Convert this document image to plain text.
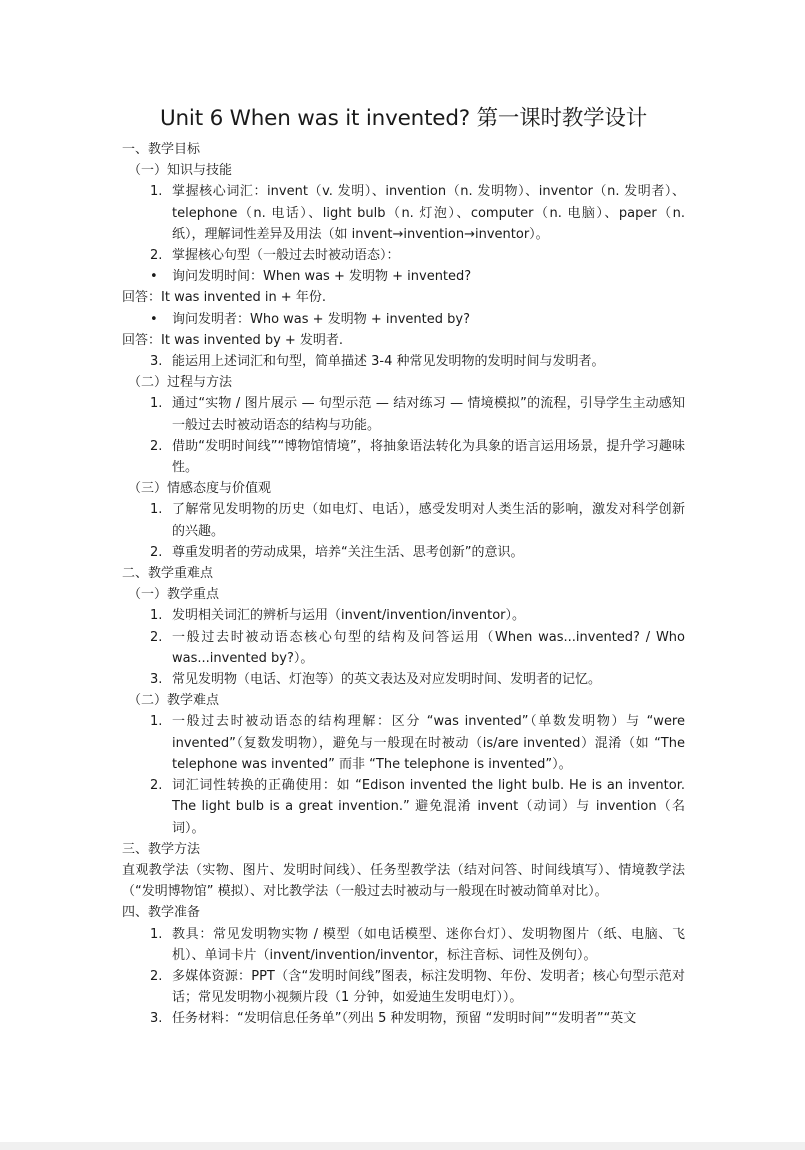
Unit 6 When was it invented? 第一课时教学设计
一、教学目标
（一）知识与技能
1. 掌握核心词汇：invent（v. 发明）、invention（n. 发明物）、inventor（n. 发明者）、telephone（n. 电话）、light bulb（n. 灯泡）、computer（n. 电脑）、paper（n. 纸），理解词性差异及用法（如 invent→invention→inventor）。
2. 掌握核心句型（一般过去时被动语态）：
•	询问发明时间：When was + 发明物 + invented?
回答：It was invented in + 年份.
•	询问发明者：Who was + 发明物 + invented by?
回答：It was invented by + 发明者.
3. 能运用上述词汇和句型，简单描述 3-4 种常见发明物的发明时间与发明者。
（二）过程与方法
1. 通过“实物 / 图片展示 — 句型示范 — 结对练习 — 情境模拟”的流程，引导学生主动感知一般过去时被动语态的结构与功能。
2. 借助“发明时间线”“博物馆情境”，将抽象语法转化为具象的语言运用场景，提升学习趣味性。
（三）情感态度与价值观
1. 了解常见发明物的历史（如电灯、电话），感受发明对人类生活的影响，激发对科学创新的兴趣。
2. 尊重发明者的劳动成果，培养“关注生活、思考创新”的意识。
二、教学重难点
（一）教学重点
1. 发明相关词汇的辨析与运用（invent/invention/inventor）。
2. 一般过去时被动语态核心句型的结构及问答运用（When was...invented? / Who was...invented by?）。
3. 常见发明物（电话、灯泡等）的英文表达及对应发明时间、发明者的记忆。
（二）教学难点
1. 一般过去时被动语态的结构理解：区分 “was invented”（单数发明物）与 “were invented”（复数发明物），避免与一般现在时被动（is/are invented）混淆（如 “The telephone was invented” 而非 “The telephone is invented”）。
2. 词汇词性转换的正确使用：如 “Edison invented the light bulb. He is an inventor. The light bulb is a great invention.” 避免混淆 invent（动词）与 invention（名词）。
三、教学方法
直观教学法（实物、图片、发明时间线）、任务型教学法（结对问答、时间线填写）、情境教学法（“发明博物馆” 模拟）、对比教学法（一般过去时被动与一般现在时被动简单对比）。
四、教学准备
1. 教具：常见发明物实物 / 模型（如电话模型、迷你台灯）、发明物图片（纸、电脑、飞机）、单词卡片（invent/invention/inventor，标注音标、词性及例句）。
2. 多媒体资源：PPT（含“发明时间线”图表，标注发明物、年份、发明者；核心句型示范对话；常见发明物小视频片段（1 分钟，如爱迪生发明电灯））。
3. 任务材料：“发明信息任务单”（列出 5 种发明物，预留 “发明时间”“发明者”“英文
